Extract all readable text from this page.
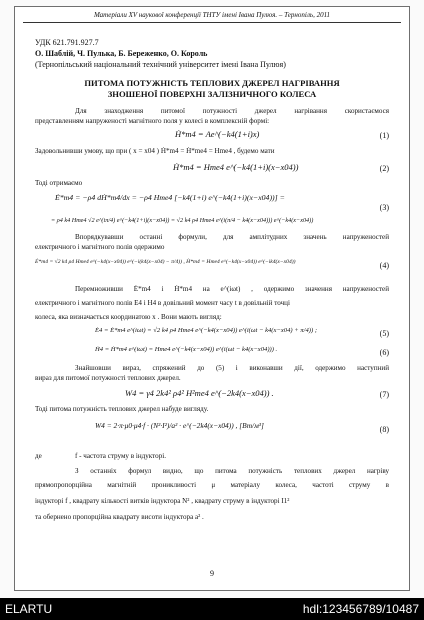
Матеріали XV наукової конференції ТНТУ імені Івана Пулюя. – Тернопіль, 2011
УДК 621.791.927.7
О. Шаблій, Ч. Пулька, Б. Береженко, О. Король
(Тернопільський національний технічний університет імені Івана Пулюя)
ПИТОМА ПОТУЖНІСТЬ ТЕПЛОВИХ ДЖЕРЕЛ НАГРІВАННЯ
ЗНОШЕНОЇ ПОВЕРХНІ ЗАЛІЗНИЧНОГО КОЛЕСА
Для знаходження питомої потужності джерел нагрівання скористаємося
представленням напруженості магнітного поля у колесі в комплексній формі:
Ḣ*m4 = Ae^(−k4(1+i)x)	(1)
Задовольнивши умову, що при ( x = x04 ) Ḣ*m4 = Ḣ*me4 = Hme4 , будемо мати
Ḣ*m4 = Hme4 e^(−k4(1+i)(x−x04))	(2)
Тоді отримаємо
Ė*m4 = −ρ4 dḢ*m4/dx = −ρ4 Hme4 [−k4(1+i) e^(−k4(1+i)(x−x04))] =
(3)
= ρ4 k4 Hme4 √2 e^(iπ/4) e^(−k4(1+i)(x−x04)) = √2 k4 ρ4 Hme4 e^(i(π/4 − k4(x−x04))) e^(−k4(x−x04))
Впорядкувавши останні формули, для амплітудних значень напруженостей
електричного і магнітного полів одержимо
Ė*m4 = √2 k4 ρ4 Hme4 e^(−k4(x−x04)) e^(−i(k4(x−x04) − π/4)) , Ḣ*m4 = Hme4 e^(−k4(x−x04)) e^(−ik4(x−x04))	(4)
Перемноживши Ė*m4 і Ḣ*m4 на e^(iωt) , одержимо значення напруженостей
електричного і магнітного полів E4 і H4 в довільний момент часу t в довільній точці
колеса, яка визначається координатою x . Вони мають вигляд:
Ė4 = Ė*m4 e^(iωt) = √2 k4 ρ4 Hme4 e^(−k4(x−x04)) e^(i(ωt − k4(x−x04) + π/4)) ;	(5)
Ḣ4 = Ḣ*m4 e^(iωt) = Hme4 e^(−k4(x−x04)) e^(i(ωt − k4(x−x04))) .	(6)
Знайшовши вираз, спряжений до (5) і виконавши дії, одержимо наступний
вираз для питомої потужності теплових джерел.
W4 = γ4 2k4² ρ4² H²me4 e^(−2k4(x−x04)) .	(7)
Тоді питома потужність теплових джерел набуде вигляду.
W4 = 2·π·μ0·μ4·f · (N²·I²)/a² · e^(−2k4(x−x04)) , [Вт/м³]	(8)
де	f - частота струму в індукторі.
З останніх формул видно, що питома потужність теплових джерел нагріву
прямопропорційна магнітній проникливості μ матеріалу колеса, частоті струму в
індукторі f , квадрату кількості витків індуктора N² , квадрату струму в індукторі I1²
та обернено пропорційна квадрату висоти індуктора a² .
9
ELARTU	hdl:123456789/10487
